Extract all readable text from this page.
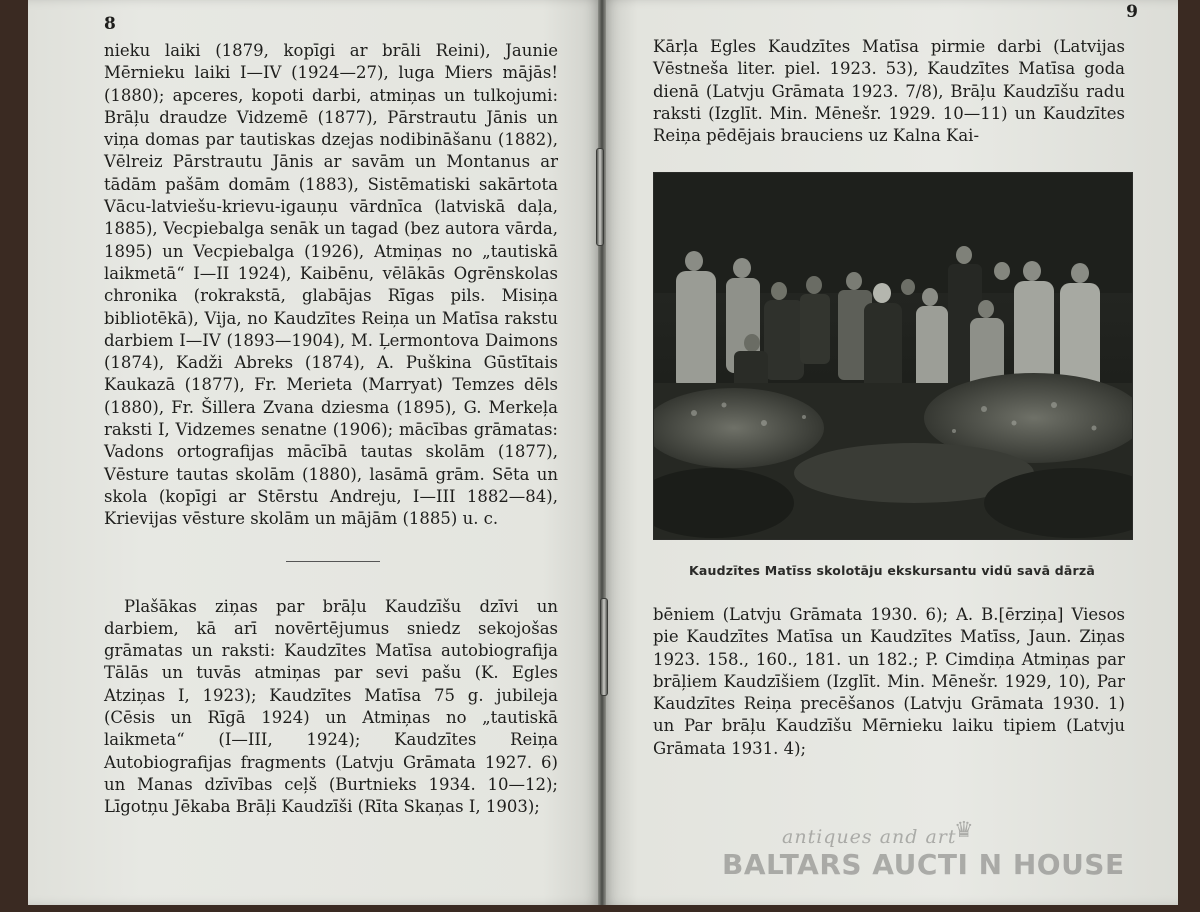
8

nieku laiki (1879, kopīgi ar brāli Reini), Jaunie Mērnieku laiki I—IV (1924—27), luga Miers mājās! (1880); apceres, kopoti darbi, atmiņas un tulkojumi: Brāļu draudze Vidzemē (1877), Pārstrautu Jānis un viņa domas par tautiskas dzejas nodibināšanu (1882), Vēlreiz Pārstrautu Jānis ar savām un Montanus ar tādām pašām domām (1883), Sistēmatiski sakārtota Vācu-latviešu-krievu-igauņu vārdnīca (latviskā daļa, 1885), Vecpiebalga senāk un tagad (bez autora vārda, 1895) un Vecpiebalga (1926), Atmiņas no „tautiskā laikmetā“ I—II 1924), Kaibēnu, vēlākās Ogrēnskolas chronika (rokrakstā, glabājas Rīgas pils. Misiņa bibliotēkā), Vija, no Kaudzītes Reiņa un Matīsa rakstu darbiem I—IV (1893—1904), M. Ļermontova Daimons (1874), Kadži Abreks (1874), A. Puškina Gūstītais Kaukazā (1877), Fr. Merieta (Marryat) Temzes dēls (1880), Fr. Šillera Zvana dziesma (1895), G. Merkeļa raksti I, Vidzemes senatne (1906); mācības grāmatas: Vadons ortografijas mācībā tautas skolām (1877), Vēsture tautas skolām (1880), lasāmā grām. Sēta un skola (kopīgi ar Stērstu Andreju, I—III 1882—84), Krievijas vēsture skolām un mājām (1885) u. c.

Plašākas ziņas par brāļu Kaudzīšu dzīvi un darbiem, kā arī novērtējumus sniedz sekojošas grāmatas un raksti: Kaudzītes Matīsa autobiografija Tālās un tuvās atmiņas par sevi pašu (K. Egles Atziņas I, 1923); Kaudzītes Matīsa 75 g. jubileja (Cēsis un Rīgā 1924) un Atmiņas no „tautiskā laikmeta“ (I—III, 1924); Kaudzītes Reiņa Autobiografijas fragments (Latvju Grāmata 1927. 6) un Manas dzīvības ceļš (Burtnieks 1934. 10—12); Līgotņu Jēkaba Brāļi Kaudzīši (Rīta Skaņas I, 1903);

9

Kārļa Egles Kaudzītes Matīsa pirmie darbi (Latvijas Vēstneša liter. piel. 1923. 53), Kaudzītes Matīsa goda dienā (Latvju Grāmata 1923. 7/8), Brāļu Kaudzīšu radu raksti (Izglīt. Min. Mēnešr. 1929. 10—11) un Kaudzītes Reiņa pēdējais brauciens uz Kalna Kai-

Kaudzītes Matīss skolotāju ekskursantu vidū savā dārzā

bēniem (Latvju Grāmata 1930. 6); A. B.[ērziņa] Viesos pie Kaudzītes Matīsa un Kaudzītes Matīss, Jaun. Ziņas 1923. 158., 160., 181. un 182.; P. Cimdiņa Atmiņas par brāļiem Kaudzīšiem (Izglīt. Min. Mēnešr. 1929, 10), Par Kaudzītes Reiņa precēšanos (Latvju Grāmata 1930. 1) un Par brāļu Kaudzīšu Mērnieku laiku tipiem (Latvju Grāmata 1931. 4);

antiques and art
♛
BALTARS AUCTI N HOUSE
